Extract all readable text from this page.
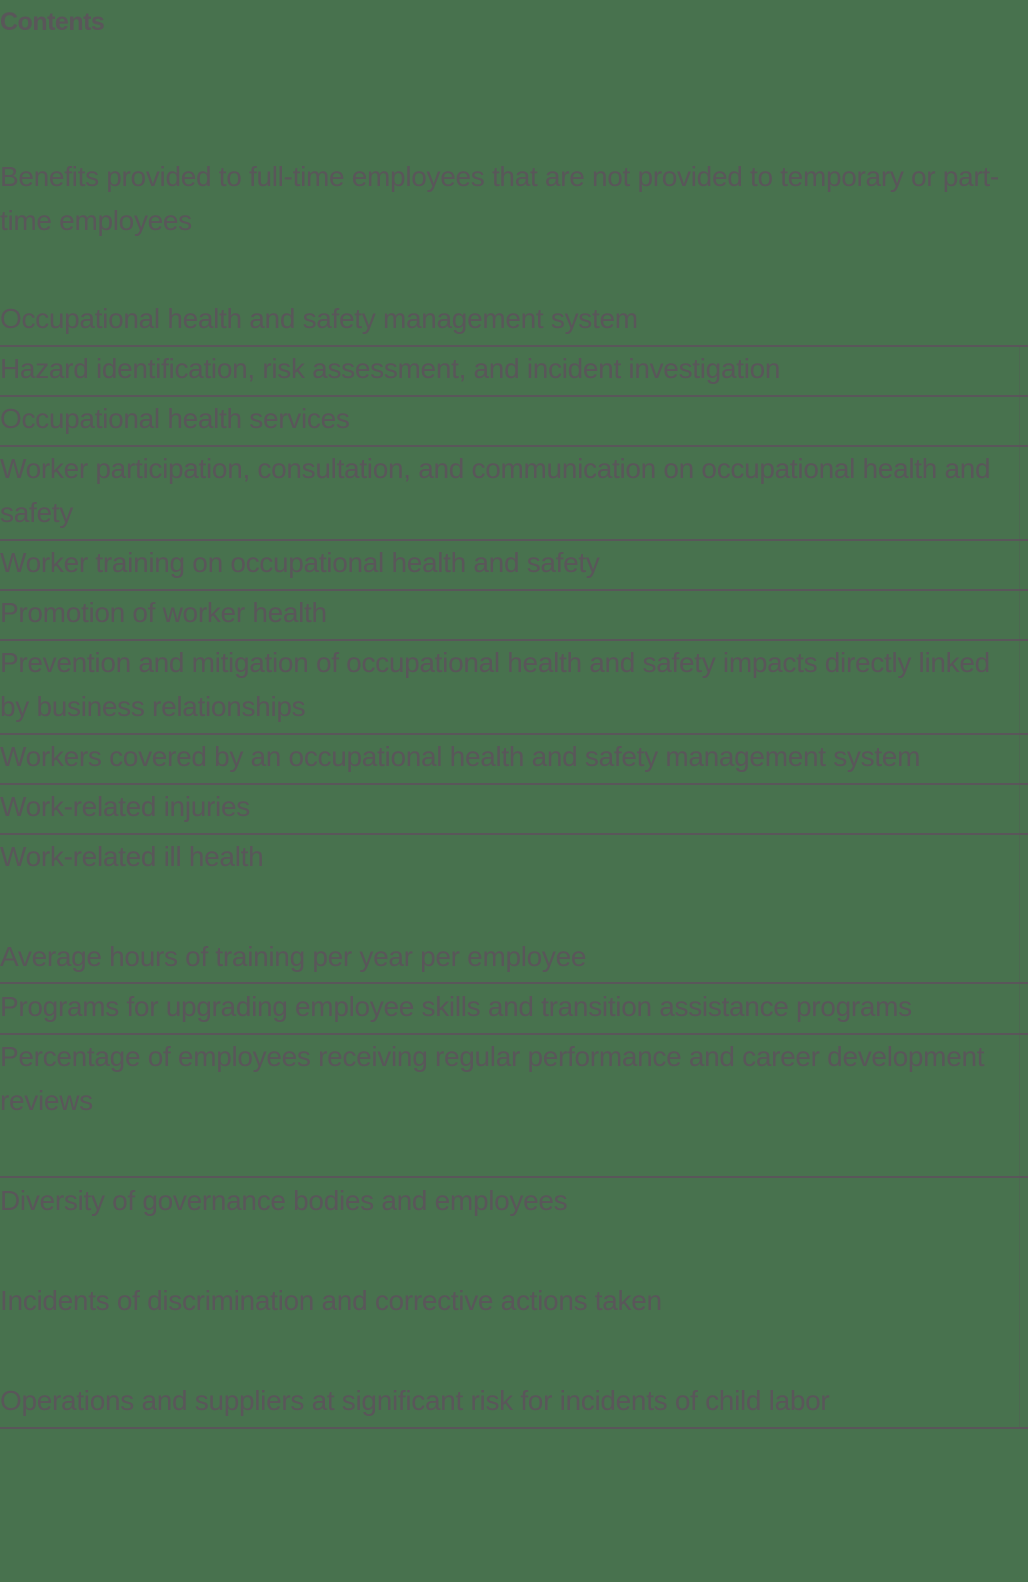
Contents
Benefits provided to full-time employees that are not provided to temporary or part-time employees
Occupational health and safety management system
Hazard identification, risk assessment, and incident investigation
Occupational health services
Worker participation, consultation, and communication on occupational health and safety
Worker training on occupational health and safety
Promotion of worker health
Prevention and mitigation of occupational health and safety impacts directly linked by business relationships
Workers covered by an occupational health and safety management system
Work-related injuries
Work-related ill health
Average hours of training per year per employee
Programs for upgrading employee skills and transition assistance programs
Percentage of employees receiving regular performance and career development reviews
Diversity of governance bodies and employees
Incidents of discrimination and corrective actions taken
Operations and suppliers at significant risk for incidents of child labor
